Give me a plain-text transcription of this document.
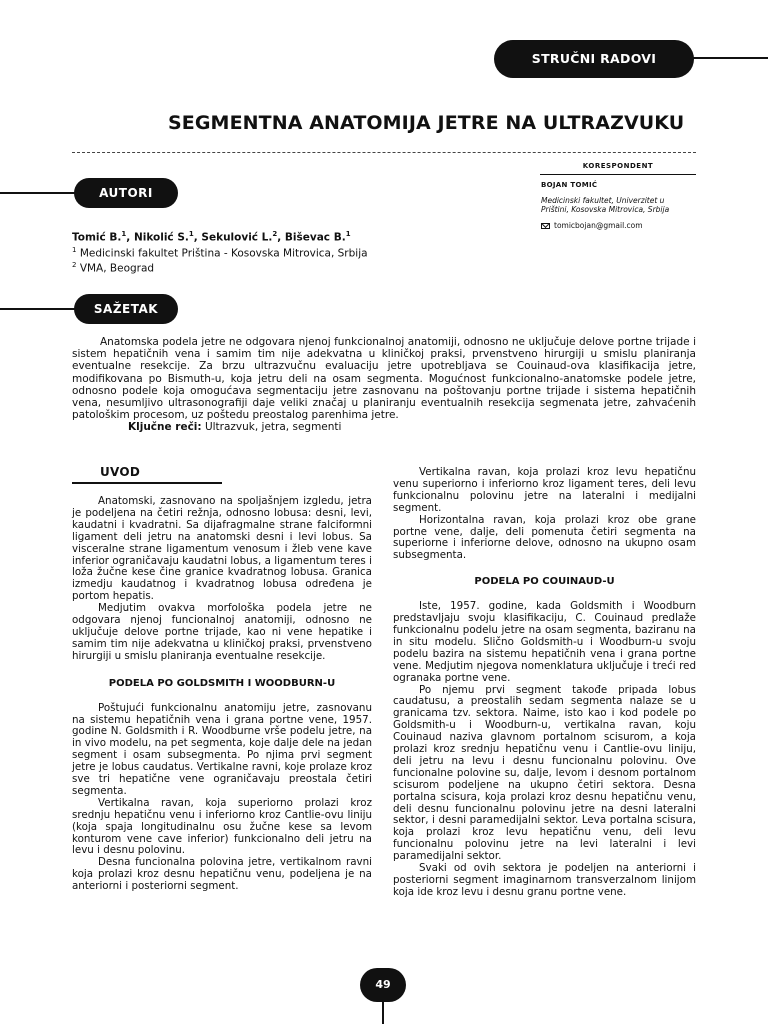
STRUČNI RADOVI
SEGMENTNA ANATOMIJA JETRE NA ULTRAZVUKU
KORESPONDENT
BOJAN TOMIĆ
Medicinski fakultet, Univerzitet u Prištini, Kosovska Mitrovica, Srbija
tomicbojan@gmail.com
AUTORI
Tomić B.$^1$, Nikolić S.$^1$, Sekulović L.$^2$, Biševac B.$^1$
$^1$ Medicinski fakultet Priština - Kosovska Mitrovica, Srbija
$^2$ VMA, Beograd
SAŽETAK

Anatomska podela jetre ne odgovara njenoj funkcionalnoj anatomiji, odnosno ne uključuje delove portne trijade i sistem hepatičnih vena i samim tim nije adekvatna u kliničkoj praksi, prvenstveno hirurgiji u smislu planiranja eventualne resekcije. Za brzu ultrazvučnu evaluaciju jetre upotrebljava se Couinaud-ova klasifikacija jetre, modifikovana po Bismuth-u, koja jetru deli na osam segmenta. Mogućnost funkcionalno-anatomske podele jetre, odnosno podele koja omogućava segmentaciju jetre zasnovanu na poštovanju portne trijade i sistema hepatičnih vena, nesumljivo ultrasonografiji daje veliki značaj u planiranju eventualnih resekcija segmenata jetre, zahvaćenih patološkim procesom, uz poštedu preostalog parenhima jetre.

Ključne reči: Ultrazvuk, jetra, segmenti

UVOD

Anatomski, zasnovano na spoljašnjem izgledu, jetra je podeljena na četiri režnja, odnosno lobusa: desni, levi, kaudatni i kvadratni. Sa dijafragmalne strane falciformni ligament deli jetru na anatomski desni i levi lobus. Sa visceralne strane ligamentum venosum i žleb vene kave inferior ograničavaju kaudatni lobus, a ligamentum teres i loža žučne kese čine granice kvadratnog lobusa. Granica izmedju kaudatnog i kvadratnog lobusa određena je portom hepatis.

Medjutim ovakva morfološka podela jetre ne odgovara njenoj funcionalnoj anatomiji, odnosno ne uključuje delove portne trijade, kao ni vene hepatike i samim tim nije adekvatna u kliničkoj praksi, prvenstveno hirurgiji u smislu planiranja eventualne resekcije.

PODELA PO GOLDSMITH I WOODBURN-U

Poštujući funkcionalnu anatomiju jetre, zasnovanu na sistemu hepatičnih vena i grana portne vene, 1957. godine N. Goldsmith i R. Woodburne vrše podelu jetre, na in vivo modelu, na pet segmenta, koje dalje dele na jedan segment i osam subsegmenta. Po njima prvi segment jetre je lobus caudatus. Vertikalne ravni, koje prolaze kroz sve tri hepatične vene ograničavaju preostala četiri segmenta.

Vertikalna ravan, koja superiorno prolazi kroz srednju hepatičnu venu i inferiorno kroz Cantlie-ovu liniju (koja spaja longitudinalnu osu žučne kese sa levom konturom vene cave inferior) funkcionalno deli jetru na levu i desnu polovinu.

Desna funcionalna polovina jetre, vertikalnom ravni koja prolazi kroz desnu hepatičnu venu, podeljena je na anteriorni i posteriorni segment.

Vertikalna ravan, koja prolazi kroz levu hepatičnu venu superiorno i inferiorno kroz ligament teres, deli levu funkcionalnu polovinu jetre na lateralni i medijalni segment.

Horizontalna ravan, koja prolazi kroz obe grane portne vene, dalje, deli pomenuta četiri segmenta na superiorne i inferiorne delove, odnosno na ukupno osam subsegmenta.

PODELA PO COUINAUD-U

Iste, 1957. godine, kada Goldsmith i Woodburn predstavljaju svoju klasifikaciju, C. Couinaud predlaže funkcionalnu podelu jetre na osam segmenta, baziranu na in situ modelu. Slično Goldsmith-u i Woodburn-u svoju podelu bazira na sistemu hepatičnih vena i grana portne vene. Medjutim njegova nomenklatura uključuje i treći red ogranaka portne vene.

Po njemu prvi segment takođe pripada lobus caudatusu, a preostalih sedam segmenta nalaze se u granicama tzv. sektora. Naime, isto kao i kod podele po Goldsmith-u i Woodburn-u, vertikalna ravan, koju Couinaud naziva glavnom portalnom scisurom, a koja prolazi kroz srednju hepatičnu venu i Cantlie-ovu liniju, deli jetru na levu i desnu funcionalnu polovinu. Ove funcionalne polovine su, dalje, levom i desnom portalnom scisurom podeljene na ukupno četiri sektora. Desna portalna scisura, koja prolazi kroz desnu hepatičnu venu, deli desnu funcionalnu polovinu jetre na desni lateralni sektor, i desni paramedijalni sektor. Leva portalna scisura, koja prolazi kroz levu hepatičnu venu, deli levu funcionalnu polovinu jetre na levi lateralni i levi paramedijalni sektor.

Svaki od ovih sektora je podeljen na anteriorni i posteriorni segment imaginarnom transverzalnom linijom koja ide kroz levu i desnu granu portne vene.

49
